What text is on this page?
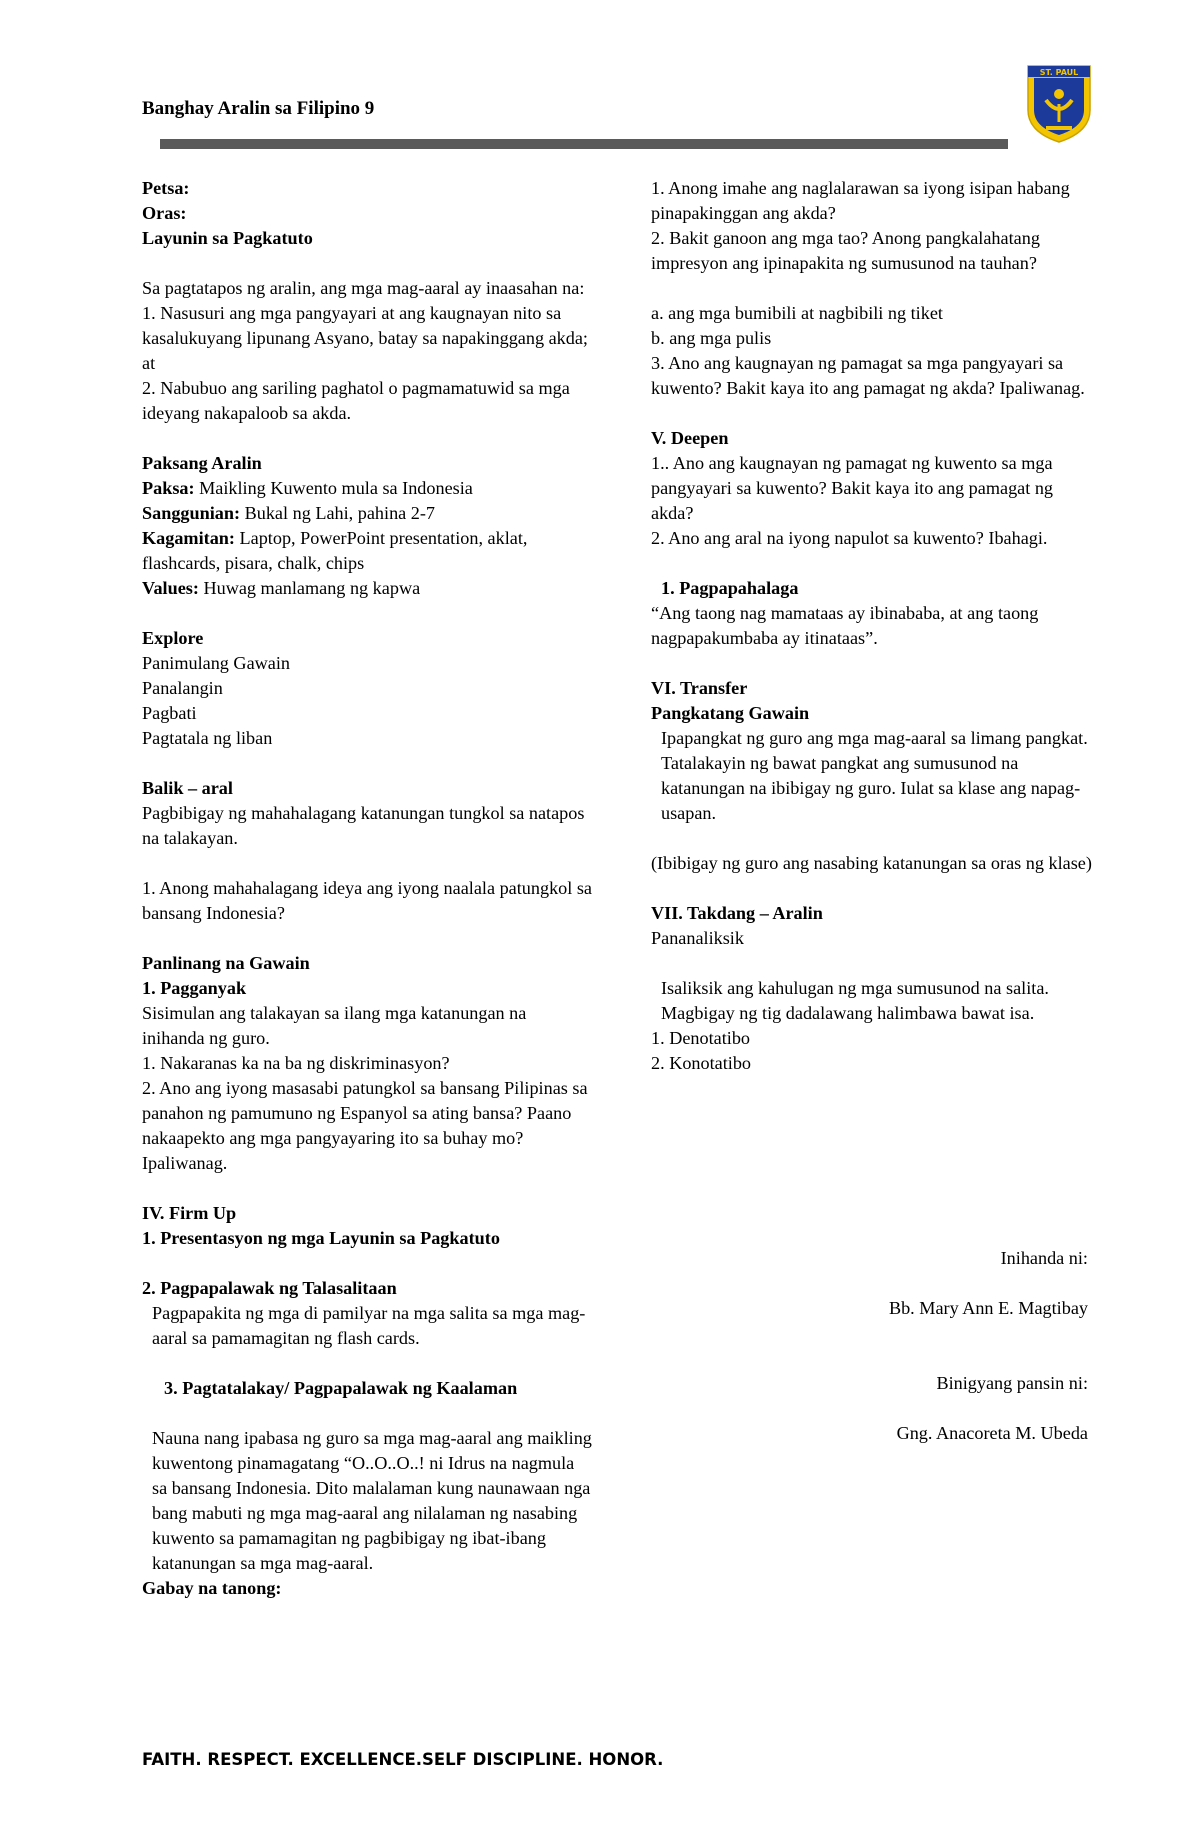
Banghay Aralin sa Filipino 9
ST. PAUL

Petsa:

Oras:

Layunin sa Pagkatuto

Sa pagtatapos ng aralin, ang mga mag-aaral ay inaasahan na:

1. Nasusuri ang mga pangyayari at ang kaugnayan nito sa kasalukuyang lipunang Asyano, batay sa napakinggang akda; at

2. Nabubuo ang sariling paghatol o pagmamatuwid sa mga ideyang nakapaloob sa akda.

Paksang Aralin

Paksa: Maikling Kuwento mula sa Indonesia

Sanggunian: Bukal ng Lahi, pahina 2-7

Kagamitan: Laptop, PowerPoint presentation, aklat, flashcards, pisara, chalk, chips

Values: Huwag manlamang ng kapwa

Explore

Panimulang Gawain

Panalangin

Pagbati

Pagtatala ng liban

Balik – aral

Pagbibigay ng mahahalagang katanungan tungkol sa natapos na talakayan.

1. Anong mahahalagang ideya ang iyong naalala patungkol sa bansang Indonesia?

Panlinang na Gawain

1. Pagganyak

Sisimulan ang talakayan sa ilang mga katanungan na inihanda ng guro.

1. Nakaranas ka na ba ng diskriminasyon?

2. Ano ang iyong masasabi patungkol sa bansang Pilipinas sa panahon ng pamumuno ng Espanyol sa ating bansa? Paano nakaapekto ang mga pangyayaring ito sa buhay mo? Ipaliwanag.

IV. Firm Up

1. Presentasyon ng mga Layunin sa Pagkatuto

2. Pagpapalawak ng Talasalitaan

Pagpapakita ng mga di pamilyar na mga salita sa mga mag-aaral sa pamamagitan ng flash cards.

3. Pagtatalakay/ Pagpapalawak ng Kaalaman

Nauna nang ipabasa ng guro sa mga mag-aaral ang maikling kuwentong pinamagatang “O..O..O..! ni Idrus na nagmula sa bansang Indonesia. Dito malalaman kung naunawaan nga bang mabuti ng mga mag-aaral ang nilalaman ng nasabing kuwento sa pamamagitan ng pagbibigay ng ibat-ibang katanungan sa mga mag-aaral.

Gabay na tanong:

1. Anong imahe ang naglalarawan sa iyong isipan habang pinapakinggan ang akda?

2. Bakit ganoon ang mga tao? Anong pangkalahatang impresyon ang ipinapakita ng sumusunod na tauhan?

a. ang mga bumibili at nagbibili ng tiket

b. ang mga pulis

3. Ano ang kaugnayan ng pamagat sa mga pangyayari sa kuwento? Bakit kaya ito ang pamagat ng akda? Ipaliwanag.

V. Deepen

1.. Ano ang kaugnayan ng pamagat ng kuwento sa mga pangyayari sa kuwento? Bakit kaya ito ang pamagat ng akda?

2. Ano ang aral na iyong napulot sa kuwento? Ibahagi.

1. Pagpapahalaga

“Ang taong nag mamataas ay ibinababa, at ang taong nagpapakumbaba ay itinataas”.

VI. Transfer

Pangkatang Gawain

Ipapangkat ng guro ang mga mag-aaral sa limang pangkat. Tatalakayin ng bawat pangkat ang sumusunod na katanungan na ibibigay ng guro. Iulat sa klase ang napag-usapan.

(Ibibigay ng guro ang nasabing katanungan sa oras ng klase)

VII. Takdang – Aralin

Pananaliksik

Isaliksik ang kahulugan ng mga sumusunod na salita. Magbigay ng tig dadalawang halimbawa bawat isa.

1. Denotatibo

2. Konotatibo

Inihanda ni:
Bb. Mary Ann E. Magtibay
Binigyang pansin ni:
Gng. Anacoreta M. Ubeda
FAITH. RESPECT. EXCELLENCE.SELF DISCIPLINE. HONOR.
